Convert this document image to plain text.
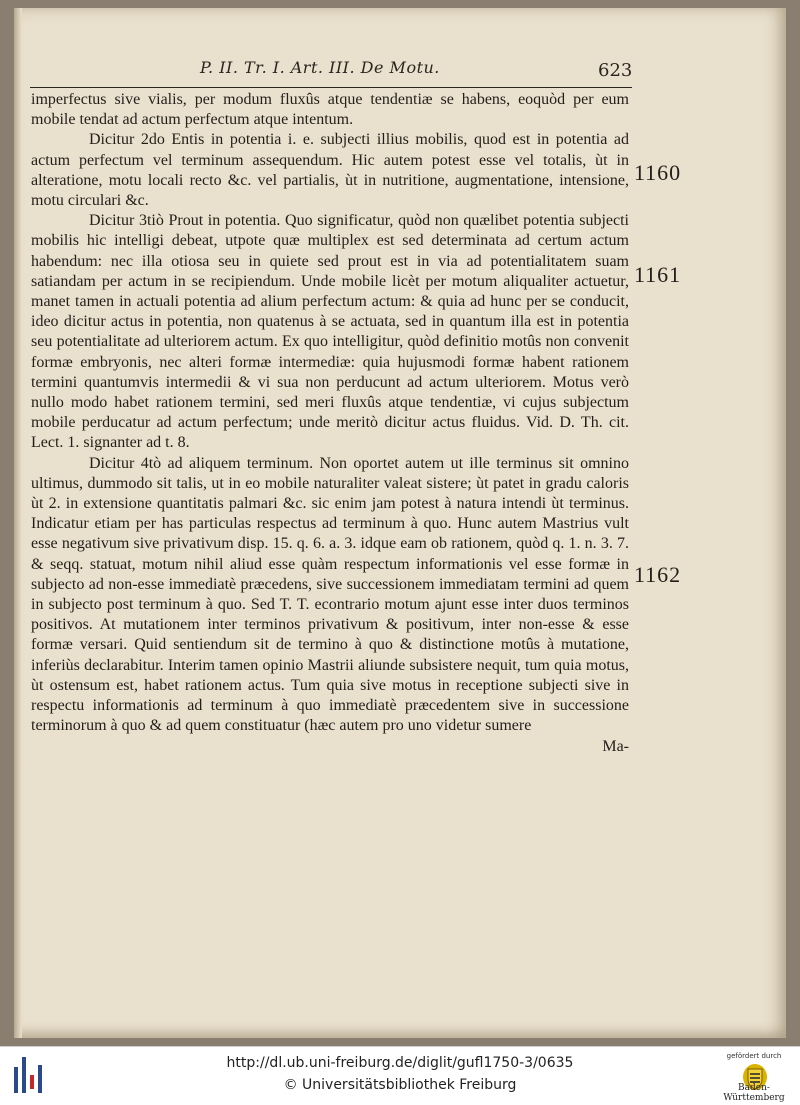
P. II. Tr. I. Art. III. De Motu.	623

imperfectus sive vialis, per modum fluxûs atque tendentiæ se habens, eoquòd per eum mobile tendat ad actum perfectum atque intentum.

Dicitur 2do Entis in potentia i. e. subjecti illius mobilis, quod est in potentia ad actum perfectum vel terminum assequendum. Hic autem potest esse vel totalis, ùt in alteratione, motu locali recto &c. vel partialis, ùt in nutritione, augmentatione, intensione, motu circulari &c.

Dicitur 3tiò Prout in potentia. Quo significatur, quòd non quælibet potentia subjecti mobilis hic intelligi debeat, utpote quæ multiplex est sed determinata ad certum actum habendum: nec illa otiosa seu in quiete sed prout est in via ad potentialitatem suam satiandam per actum in se recipiendum. Unde mobile licèt per motum aliqualiter actuetur, manet tamen in actuali potentia ad alium perfectum actum: & quia ad hunc per se conducit, ideo dicitur actus in potentia, non quatenus à se actuata, sed in quantum illa est in potentia seu potentialitate ad ulteriorem actum. Ex quo intelligitur, quòd definitio motûs non convenit formæ embryonis, nec alteri formæ intermediæ: quia hujusmodi formæ habent rationem termini quantumvis intermedii & vi sua non perducunt ad actum ulteriorem. Motus verò nullo modo habet rationem termini, sed meri fluxûs atque tendentiæ, vi cujus subjectum mobile perducatur ad actum perfectum; unde meritò dicitur actus fluidus. Vid. D. Th. cit. Lect. 1. signanter ad t. 8.

Dicitur 4tò ad aliquem terminum. Non oportet autem ut ille terminus sit omnino ultimus, dummodo sit talis, ut in eo mobile naturaliter valeat sistere; ùt patet in gradu caloris ùt 2. in extensione quantitatis palmari &c. sic enim jam potest à natura intendi ùt terminus. Indicatur etiam per has particulas respectus ad terminum à quo. Hunc autem Mastrius vult esse negativum sive privativum disp. 15. q. 6. a. 3. idque eam ob rationem, quòd q. 1. n. 3. 7. & seqq. statuat, motum nihil aliud esse quàm respectum informationis vel esse formæ in subjecto ad non-esse immediatè præcedens, sive successionem immediatam termini ad quem in subjecto post terminum à quo. Sed T. T. econtrario motum ajunt esse inter duos terminos positivos. At mutationem inter terminos privativum & positivum, inter non-esse & esse formæ versari. Quid sentiendum sit de termino à quo & distinctione motûs à mutatione, inferiùs declarabitur. Interim tamen opinio Mastrii aliunde subsistere nequit, tum quia motus, ùt ostensum est, habet rationem actus. Tum quia sive motus in receptione subjecti sive in respectu informationis ad terminum à quo immediatè præcedentem sive in successione terminorum à quo & ad quem constituatur (hæc autem pro uno videtur sumere

Ma-
1160
1161
1162
http://dl.ub.uni-freiburg.de/diglit/gufl1750-3/0635
© Universitätsbibliothek Freiburg
gefördert durch
Baden-Württemberg
